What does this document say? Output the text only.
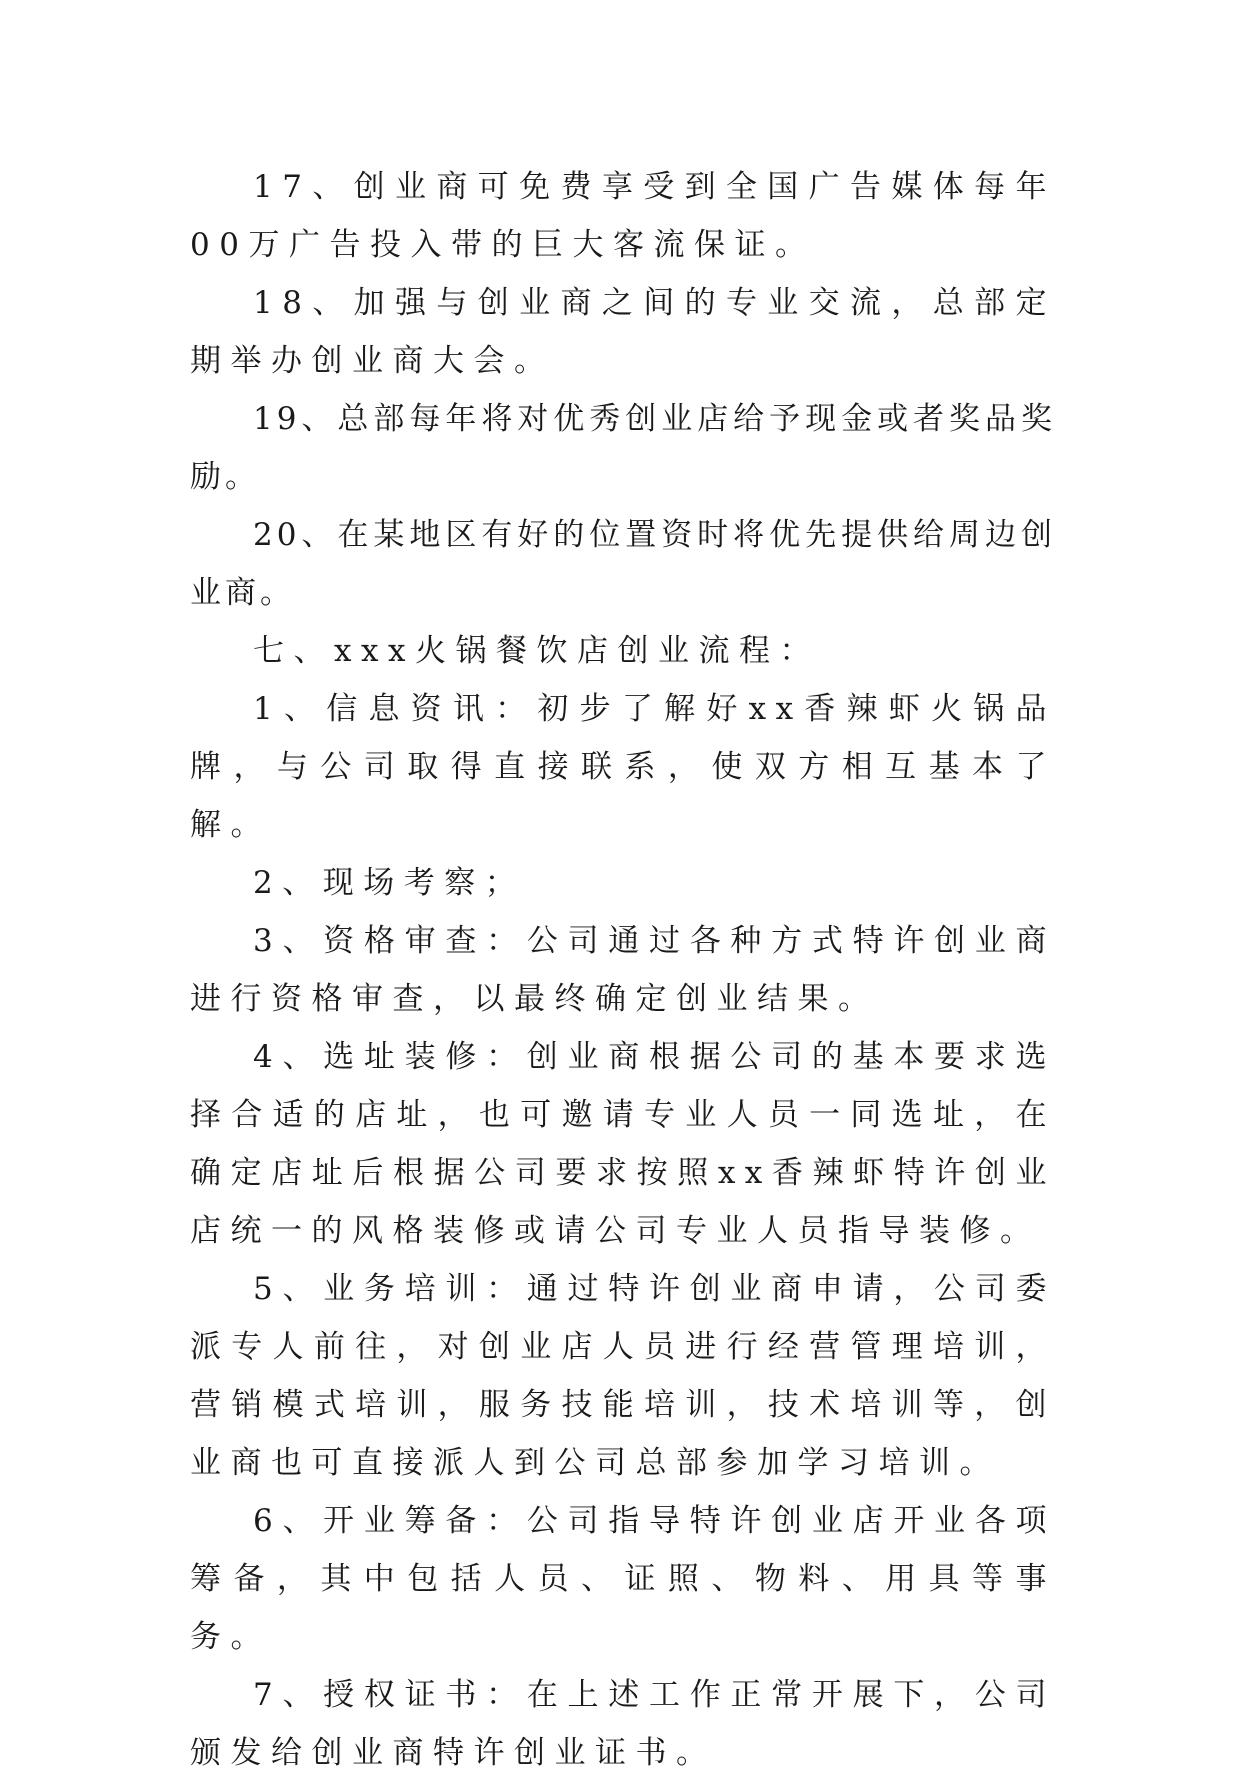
17、创业商可免费享受到全国广告媒体每年00万广告投入带的巨大客流保证。

18、加强与创业商之间的专业交流，总部定期举办创业商大会。

19、总部每年将对优秀创业店给予现金或者奖品奖励。

20、在某地区有好的位置资时将优先提供给周边创业商。

七、xxx火锅餐饮店创业流程：

1、信息资讯：初步了解好xx香辣虾火锅品牌，与公司取得直接联系，使双方相互基本了解。

2、现场考察；

3、资格审查：公司通过各种方式特许创业商进行资格审查，以最终确定创业结果。

4、选址装修：创业商根据公司的基本要求选择合适的店址，也可邀请专业人员一同选址，在确定店址后根据公司要求按照xx香辣虾特许创业店统一的风格装修或请公司专业人员指导装修。

5、业务培训：通过特许创业商申请，公司委派专人前往，对创业店人员进行经营管理培训，营销模式培训，服务技能培训，技术培训等，创业商也可直接派人到公司总部参加学习培训。

6、开业筹备：公司指导特许创业店开业各项筹备，其中包括人员、证照、物料、用具等事务。

7、授权证书：在上述工作正常开展下，公司颁发给创业商特许创业证书。
